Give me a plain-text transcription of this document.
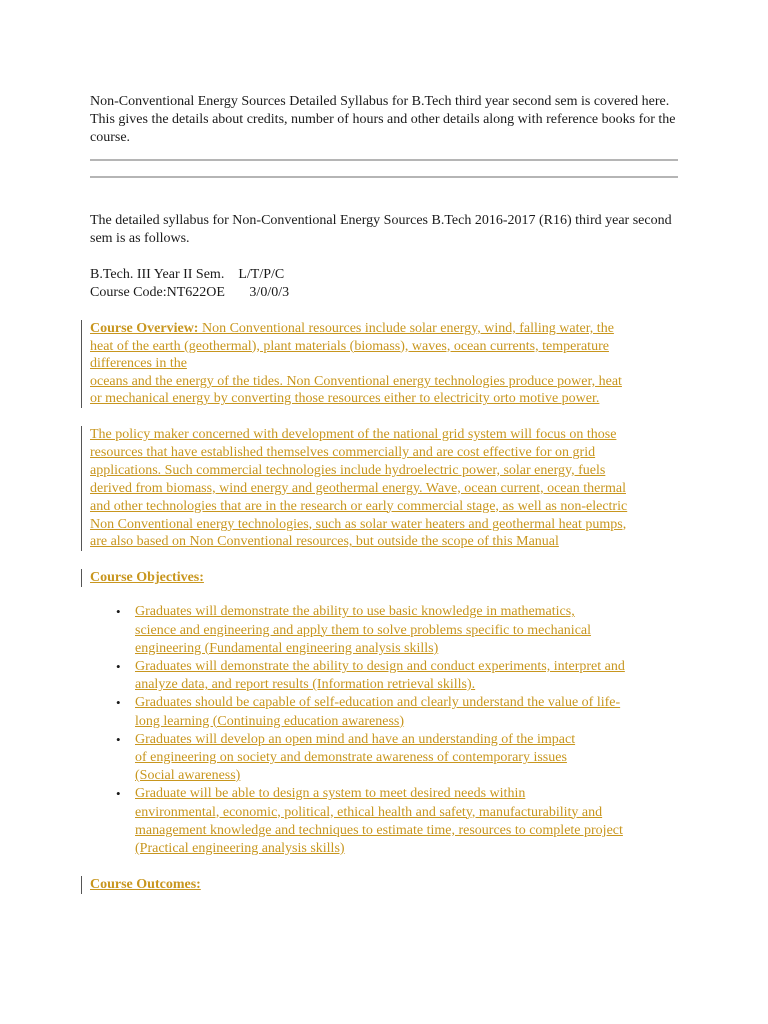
Non-Conventional Energy Sources Detailed Syllabus for B.Tech third year second sem is covered here. This gives the details about credits, number of hours and other details along with reference books for the course.

The detailed syllabus for Non-Conventional Energy Sources B.Tech 2016-2017 (R16) third year second sem is as follows.

B.Tech. III Year II Sem.    L/T/P/C

Course Code:NT622OE       3/0/0/3

Course Overview: Non Conventional resources include solar energy, wind, falling water, the
heat of the earth (geothermal), plant materials (biomass), waves, ocean currents, temperature
differences in the
oceans and the energy of the tides. Non Conventional energy technologies produce power, heat
or mechanical energy by converting those resources either to electricity orto motive power.
The policy maker concerned with development of the national grid system will focus on those
resources that have established themselves commercially and are cost effective for on grid
applications. Such commercial technologies include hydroelectric power, solar energy, fuels
derived from biomass, wind energy and geothermal energy. Wave, ocean current, ocean thermal
and other technologies that are in the research or early commercial stage, as well as non-electric
Non Conventional energy technologies, such as solar water heaters and geothermal heat pumps,
are also based on Non Conventional resources, but outside the scope of this Manual
Course Objectives:
• Graduates will demonstrate the ability to use basic knowledge in mathematics,
science and engineering and apply them to solve problems specific to mechanical
engineering (Fundamental engineering analysis skills)
• Graduates will demonstrate the ability to design and conduct experiments, interpret and
analyze data, and report results (Information retrieval skills).
• Graduates should be capable of self-education and clearly understand the value of life-
long learning (Continuing education awareness)
• Graduates will develop an open mind and have an understanding of the impact
of engineering on society and demonstrate awareness of contemporary issues
(Social awareness)
• Graduate will be able to design a system to meet desired needs within
environmental, economic, political, ethical health and safety, manufacturability and
management knowledge and techniques to estimate time, resources to complete project
(Practical engineering analysis skills)
Course Outcomes:
